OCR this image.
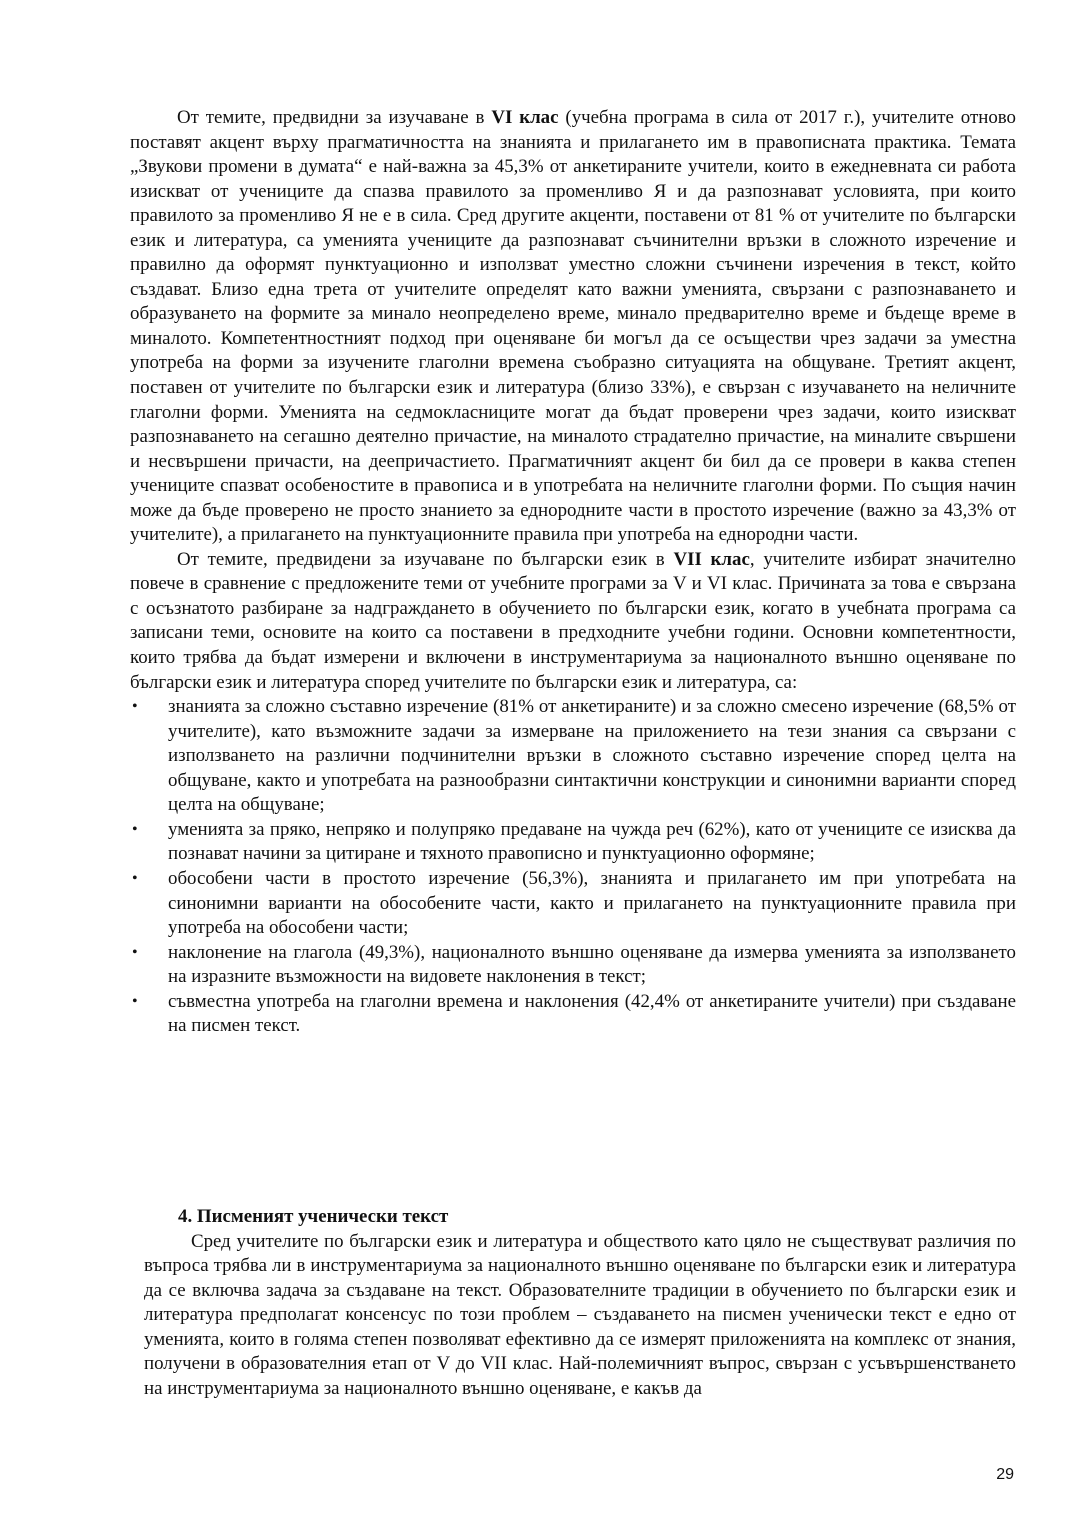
От темите, предвидни за изучаване в VI клас (учебна програма в сила от 2017 г.), учителите отново поставят акцент върху прагматичността на знанията и прилагането им в правописната практика. Темата „Звукови промени в думата“ е най-важна за 45,3% от анкетираните учители, които в ежедневната си работа изискват от учениците да спазва правилото за променливо Я и да разпознават условията, при които правилото за променливо Я не е в сила. Сред другите акценти, поставени от 81 % от учителите по български език и литература, са уменията учениците да разпознават съчинителни връзки в сложното изречение и правилно да оформят пунктуационно и използват уместно сложни съчинени изречения в текст, който създават. Близо една трета от учителите определят като важни уменията, свързани с разпознаването и образуването на формите за минало неопределено време, минало предварително време и бъдеще време в миналото. Компетентностният подход при оценяване би могъл да се осъществи чрез задачи за уместна употреба на форми за изучените глаголни времена съобразно ситуацията на общуване. Третият акцент, поставен от учителите по български език и литература (близо 33%), е свързан с изучаването на неличните глаголни форми. Уменията на седмокласниците могат да бъдат проверени чрез задачи, които изискват разпознаването на сегашно деятелно причастие, на миналото страдателно причастие, на миналите свършени и несвършени причасти, на деепричастието. Прагматичният акцент би бил да се провери в каква степен учениците спазват особеностите в правописа и в употребата на неличните глаголни форми. По същия начин може да бъде проверено не просто знанието за еднородните части в простото изречение (важно за 43,3% от учителите), а прилагането на пунктуационните правила при употреба на еднородни части.

От темите, предвидени за изучаване по български език в VII клас, учителите избират значително повече в сравнение с предложените теми от учебните програми за V и VI клас. Причината за това е свързана с осъзнатото разбиране за надграждането в обучението по български език, когато в учебната програма са записани теми, основите на които са поставени в предходните учебни години. Основни компетентности, които трябва да бъдат измерени и включени в инструментариума за националното външно оценяване по български език и литература според учителите по български език и литература, са:

• знанията за сложно съставно изречение (81% от анкетираните) и за сложно смесено изречение (68,5% от учителите), като възможните задачи за измерване на приложението на тези знания са свързани с използването на различни подчинителни връзки в сложното съставно изречение според целта на общуване, както и употребата на разнообразни синтактични конструкции и синонимни варианти според целта на общуване;
• уменията за пряко, непряко и полупряко предаване на чужда реч (62%), като от учениците се изисква да познават начини за цитиране и тяхното правописно и пунктуационно оформяне;
• обособени части в простото изречение (56,3%), знанията и прилагането им при употребата на синонимни варианти на обособените части, както и прилагането на пунктуационните правила при употреба на обособени части;
• наклонение на глагола (49,3%), националното външно оценяване да измерва уменията за използването на изразните възможности на видовете наклонения в текст;
• съвместна употреба на глаголни времена и наклонения (42,4% от анкетираните учители) при създаване на писмен текст.
4. Писменият ученически текст

Сред учителите по български език и литература и обществото като цяло не съществуват различия по въпроса трябва ли в инструментариума за националното външно оценяване по български език и литература да се включва задача за създаване на текст. Образователните традиции в обучението по български език и литература предполагат консенсус по този проблем – създаването на писмен ученически текст е едно от уменията, които в голяма степен позволяват ефективно да се измерят приложенията на комплекс от знания, получени в образователния етап от V до VII клас. Най-полемичният въпрос, свързан с усъвършенстването на инструментариума за националното външно оценяване, е какъв да

29
